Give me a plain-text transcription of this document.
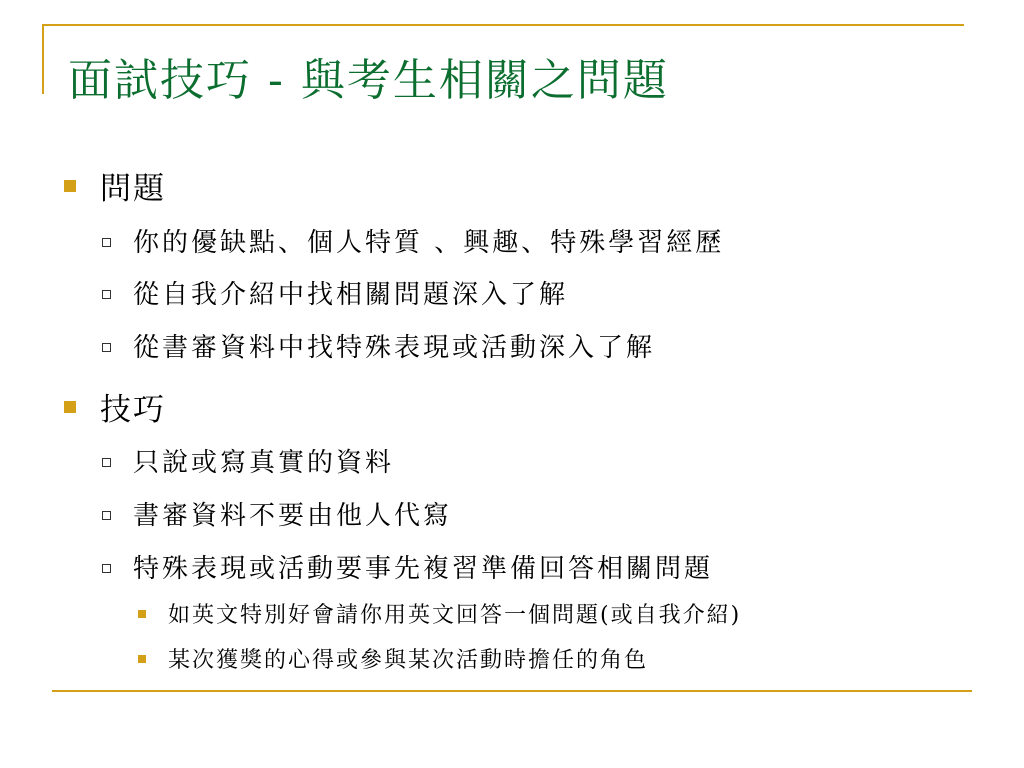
面試技巧 - 與考生相關之問題
問題
你的優缺點、個人特質 、興趣、特殊學習經歷
從自我介紹中找相關問題深入了解
從書審資料中找特殊表現或活動深入了解
技巧
只說或寫真實的資料
書審資料不要由他人代寫
特殊表現或活動要事先複習準備回答相關問題
如英文特別好會請你用英文回答一個問題(或自我介紹)
某次獲獎的心得或參與某次活動時擔任的角色
